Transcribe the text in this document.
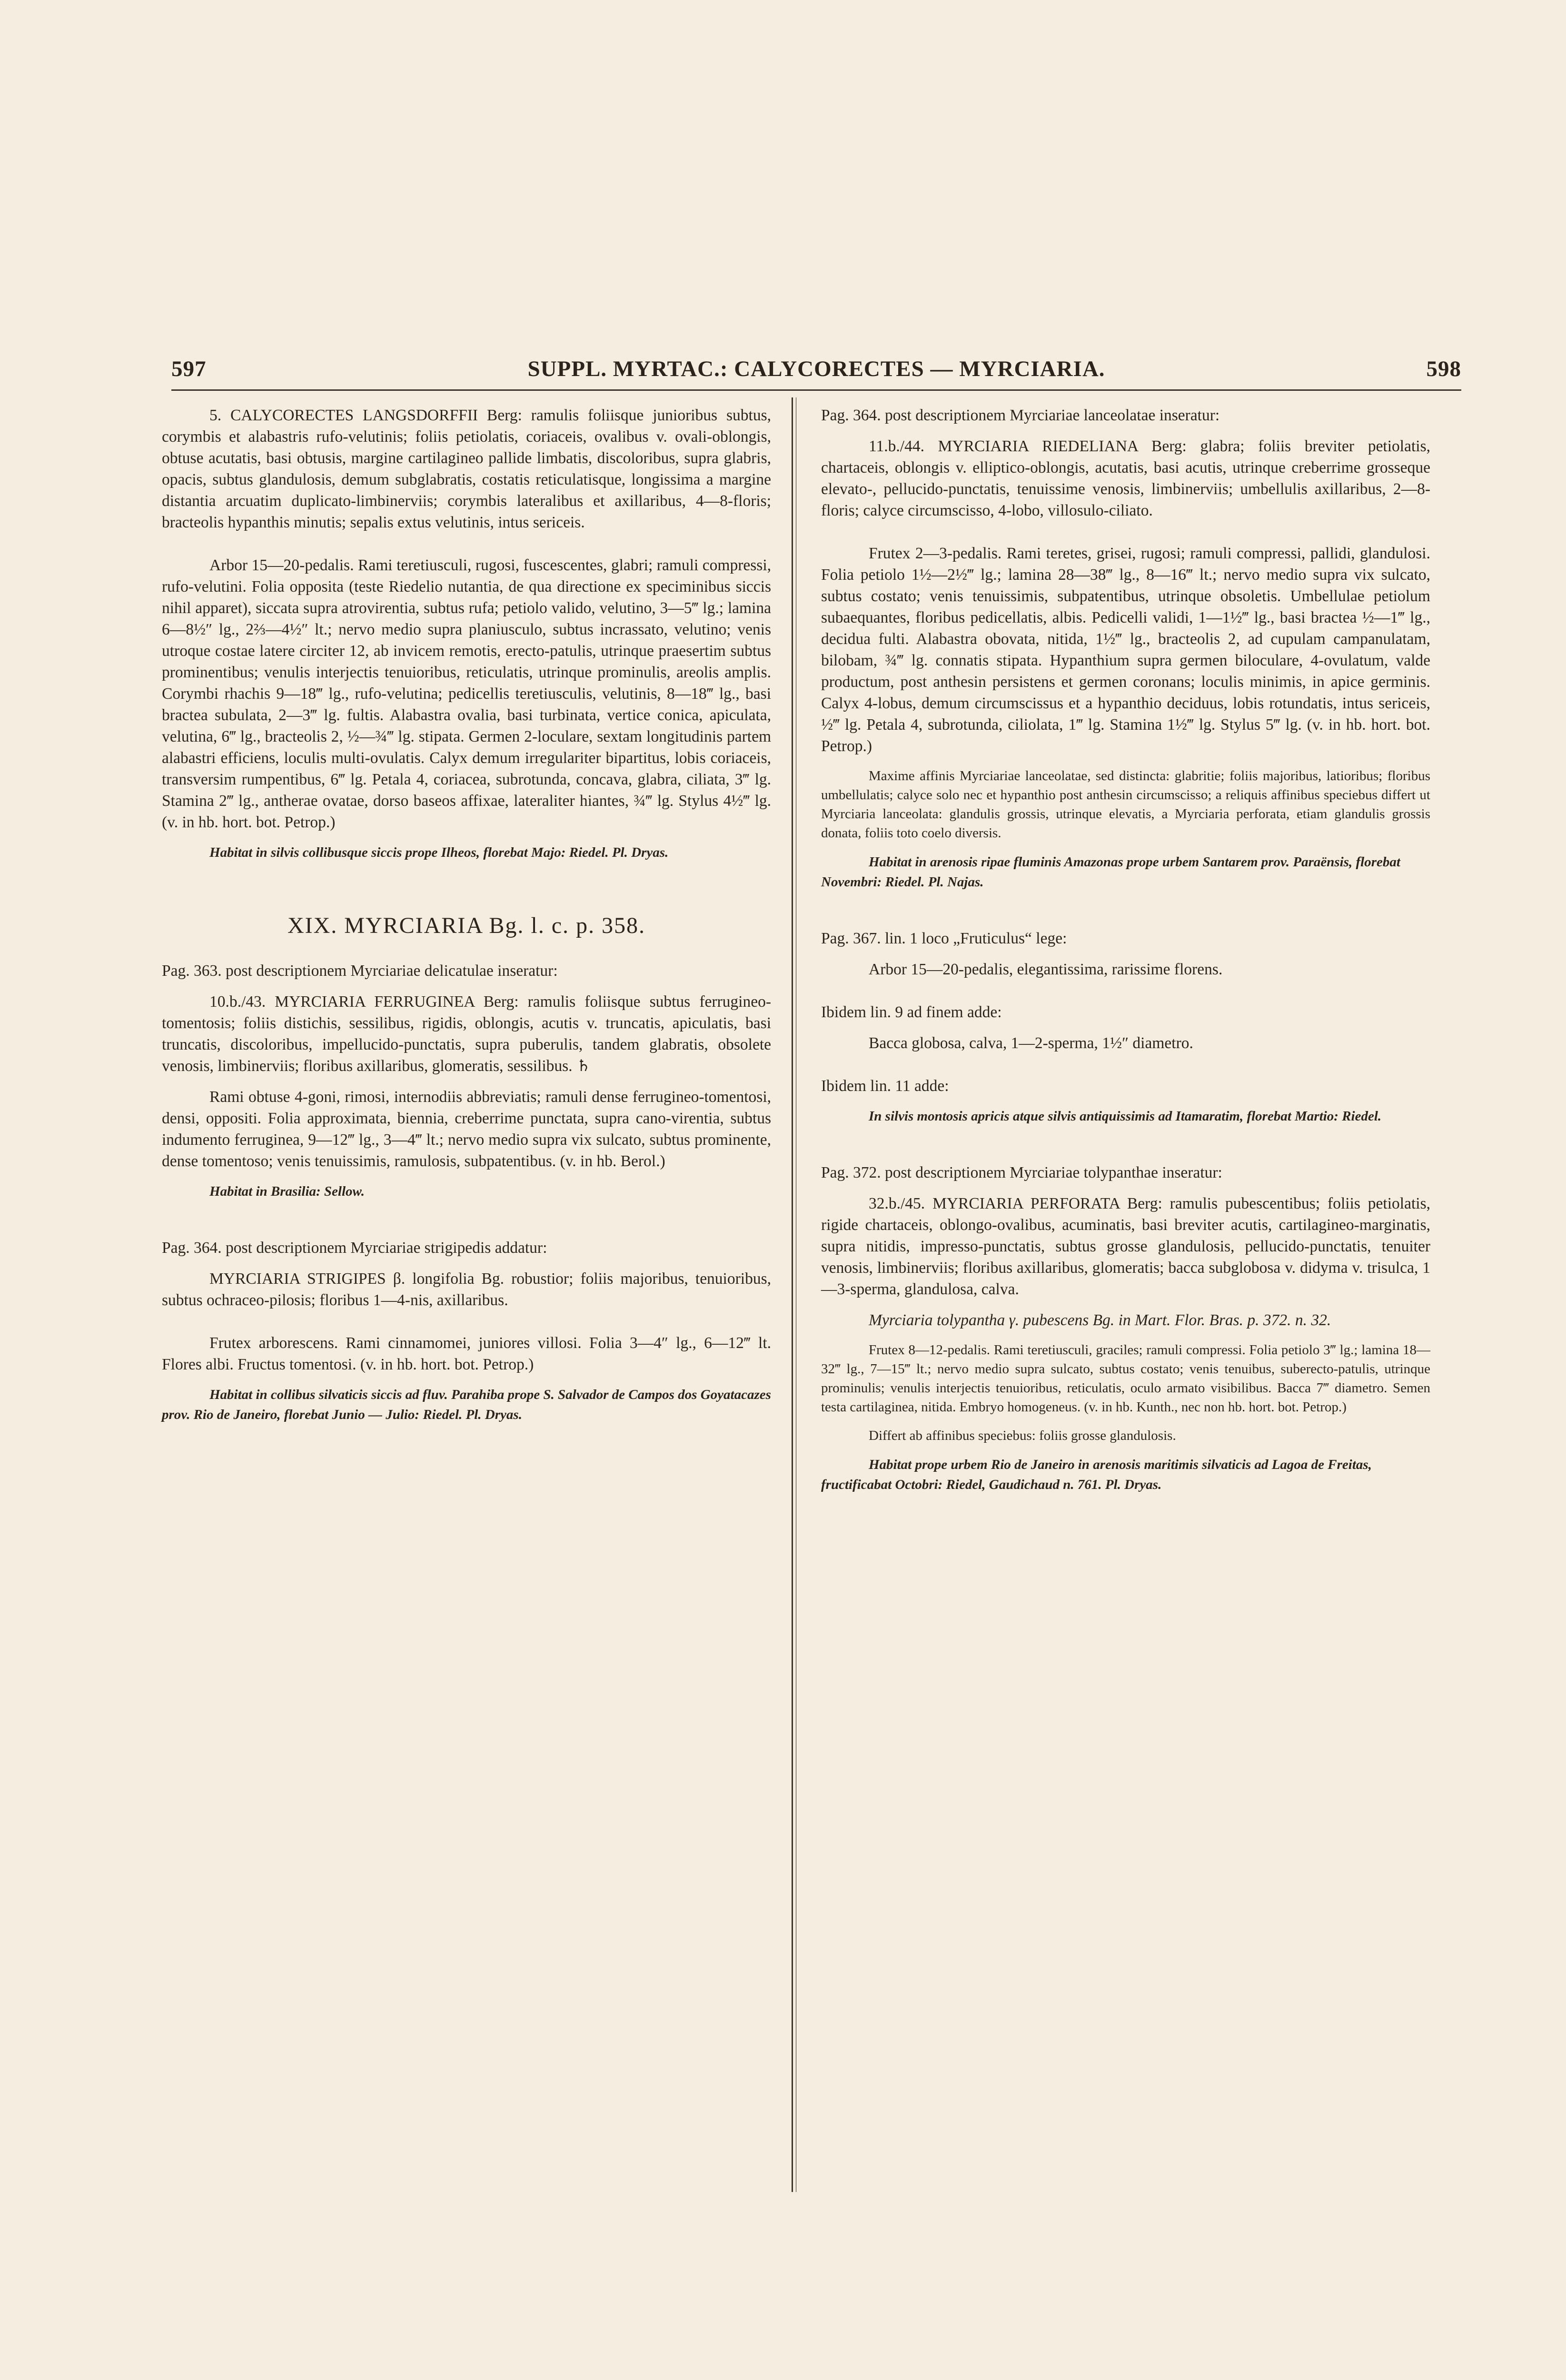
597	SUPPL. MYRTAC.: CALYCORECTES — MYRCIARIA.	598

5. CALYCORECTES LANGSDORFFII Berg: ramulis foliisque junioribus subtus, corymbis et alabastris rufo-velutinis; foliis petiolatis, coriaceis, ovalibus v. ovali-oblongis, obtuse acutatis, basi obtusis, margine cartilagineo pallide limbatis, discoloribus, supra glabris, opacis, subtus glandulosis, demum subglabratis, costatis reticulatisque, longissima a margine distantia arcuatim duplicato-limbinerviis; corymbis lateralibus et axillaribus, 4—8-floris; bracteolis hypanthis minutis; sepalis extus velutinis, intus sericeis.

Arbor 15—20-pedalis. Rami teretiusculi, rugosi, fuscescentes, glabri; ramuli compressi, rufo-velutini. Folia opposita (teste Riedelio nutantia, de qua directione ex speciminibus siccis nihil apparet), siccata supra atrovirentia, subtus rufa; petiolo valido, velutino, 3—5‴ lg.; lamina 6—8½″ lg., 2⅔—4½″ lt.; nervo medio supra planiusculo, subtus incrassato, velutino; venis utroque costae latere circiter 12, ab invicem remotis, erecto-patulis, utrinque praesertim subtus prominentibus; venulis interjectis tenuioribus, reticulatis, utrinque prominulis, areolis amplis. Corymbi rhachis 9—18‴ lg., rufo-velutina; pedicellis teretiusculis, velutinis, 8—18‴ lg., basi bractea subulata, 2—3‴ lg. fultis. Alabastra ovalia, basi turbinata, vertice conica, apiculata, velutina, 6‴ lg., bracteolis 2, ½—¾‴ lg. stipata. Germen 2-loculare, sextam longitudinis partem alabastri efficiens, loculis multi-ovulatis. Calyx demum irregulariter bipartitus, lobis coriaceis, transversim rumpentibus, 6‴ lg. Petala 4, coriacea, subrotunda, concava, glabra, ciliata, 3‴ lg. Stamina 2‴ lg., antherae ovatae, dorso baseos affixae, lateraliter hiantes, ¾‴ lg. Stylus 4½‴ lg. (v. in hb. hort. bot. Petrop.)

Habitat in silvis collibusque siccis prope Ilheos, florebat Majo: Riedel. Pl. Dryas.

XIX. MYRCIARIA Bg. l. c. p. 358.

Pag. 363. post descriptionem Myrciariae delicatulae inseratur:

10.b./43. MYRCIARIA FERRUGINEA Berg: ramulis foliisque subtus ferrugineo-tomentosis; foliis distichis, sessilibus, rigidis, oblongis, acutis v. truncatis, apiculatis, basi truncatis, discoloribus, impellucido-punctatis, supra puberulis, tandem glabratis, obsolete venosis, limbinerviis; floribus axillaribus, glomeratis, sessilibus. ♄

Rami obtuse 4-goni, rimosi, internodiis abbreviatis; ramuli dense ferrugineo-tomentosi, densi, oppositi. Folia approximata, biennia, creberrime punctata, supra cano-virentia, subtus indumento ferruginea, 9—12‴ lg., 3—4‴ lt.; nervo medio supra vix sulcato, subtus prominente, dense tomentoso; venis tenuissimis, ramulosis, subpatentibus. (v. in hb. Berol.)

Habitat in Brasilia: Sellow.

Pag. 364. post descriptionem Myrciariae strigipedis addatur:

MYRCIARIA STRIGIPES β. longifolia Bg. robustior; foliis majoribus, tenuioribus, subtus ochraceo-pilosis; floribus 1—4-nis, axillaribus.

Frutex arborescens. Rami cinnamomei, juniores villosi. Folia 3—4″ lg., 6—12‴ lt. Flores albi. Fructus tomentosi. (v. in hb. hort. bot. Petrop.)

Habitat in collibus silvaticis siccis ad fluv. Parahiba prope S. Salvador de Campos dos Goyatacazes prov. Rio de Janeiro, florebat Junio — Julio: Riedel. Pl. Dryas.

Pag. 364. post descriptionem Myrciariae lanceolatae inseratur:

11.b./44. MYRCIARIA RIEDELIANA Berg: glabra; foliis breviter petiolatis, chartaceis, oblongis v. elliptico-oblongis, acutatis, basi acutis, utrinque creberrime grosseque elevato-, pellucido-punctatis, tenuissime venosis, limbinerviis; umbellulis axillaribus, 2—8-floris; calyce circumscisso, 4-lobo, villosulo-ciliato.

Frutex 2—3-pedalis. Rami teretes, grisei, rugosi; ramuli compressi, pallidi, glandulosi. Folia petiolo 1½—2½‴ lg.; lamina 28—38‴ lg., 8—16‴ lt.; nervo medio supra vix sulcato, subtus costato; venis tenuissimis, subpatentibus, utrinque obsoletis. Umbellulae petiolum subaequantes, floribus pedicellatis, albis. Pedicelli validi, 1—1½‴ lg., basi bractea ½—1‴ lg., decidua fulti. Alabastra obovata, nitida, 1½‴ lg., bracteolis 2, ad cupulam campanulatam, bilobam, ¾‴ lg. connatis stipata. Hypanthium supra germen biloculare, 4-ovulatum, valde productum, post anthesin persistens et germen coronans; loculis minimis, in apice germinis. Calyx 4-lobus, demum circumscissus et a hypanthio deciduus, lobis rotundatis, intus sericeis, ½‴ lg. Petala 4, subrotunda, ciliolata, 1‴ lg. Stamina 1½‴ lg. Stylus 5‴ lg. (v. in hb. hort. bot. Petrop.)

Maxime affinis Myrciariae lanceolatae, sed distincta: glabritie; foliis majoribus, latioribus; floribus umbellulatis; calyce solo nec et hypanthio post anthesin circumscisso; a reliquis affinibus speciebus differt ut Myrciaria lanceolata: glandulis grossis, utrinque elevatis, a Myrciaria perforata, etiam glandulis grossis donata, foliis toto coelo diversis.

Habitat in arenosis ripae fluminis Amazonas prope urbem Santarem prov. Paraënsis, florebat Novembri: Riedel. Pl. Najas.

Pag. 367. lin. 1 loco „Fruticulus“ lege:

Arbor 15—20-pedalis, elegantissima, rarissime florens.

Ibidem lin. 9 ad finem adde:

Bacca globosa, calva, 1—2-sperma, 1½″ diametro.

Ibidem lin. 11 adde:

In silvis montosis apricis atque silvis antiquissimis ad Itamaratim, florebat Martio: Riedel.

Pag. 372. post descriptionem Myrciariae tolypanthae inseratur:

32.b./45. MYRCIARIA PERFORATA Berg: ramulis pubescentibus; foliis petiolatis, rigide chartaceis, oblongo-ovalibus, acuminatis, basi breviter acutis, cartilagineo-marginatis, supra nitidis, impresso-punctatis, subtus grosse glandulosis, pellucido-punctatis, tenuiter venosis, limbinerviis; floribus axillaribus, glomeratis; bacca subglobosa v. didyma v. trisulca, 1—3-sperma, glandulosa, calva.

Myrciaria tolypantha γ. pubescens Bg. in Mart. Flor. Bras. p. 372. n. 32.

Frutex 8—12-pedalis. Rami teretiusculi, graciles; ramuli compressi. Folia petiolo 3‴ lg.; lamina 18—32‴ lg., 7—15‴ lt.; nervo medio supra sulcato, subtus costato; venis tenuibus, suberecto-patulis, utrinque prominulis; venulis interjectis tenuioribus, reticulatis, oculo armato visibilibus. Bacca 7‴ diametro. Semen testa cartilaginea, nitida. Embryo homogeneus. (v. in hb. Kunth., nec non hb. hort. bot. Petrop.)

Differt ab affinibus speciebus: foliis grosse glandulosis.

Habitat prope urbem Rio de Janeiro in arenosis maritimis silvaticis ad Lagoa de Freitas, fructificabat Octobri: Riedel, Gaudichaud n. 761. Pl. Dryas.
